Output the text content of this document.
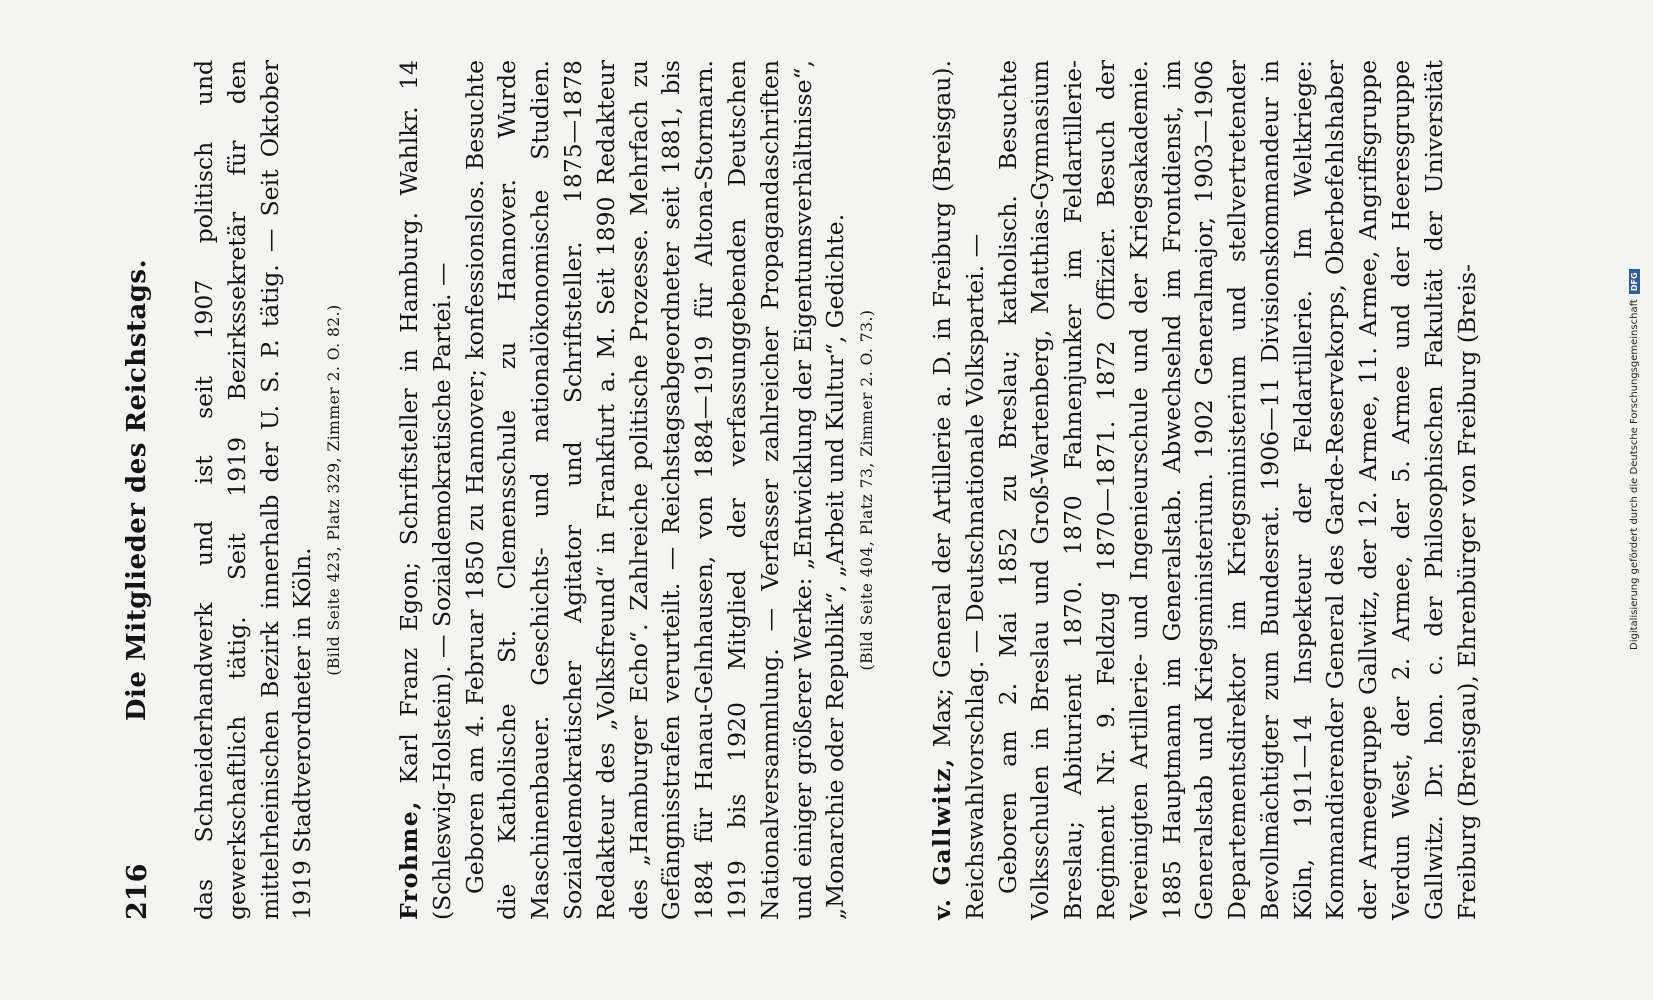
216
Die Mitglieder des Reichstags. das Schneiderhandwerk und ist seit 1907 politisch und gewerkschaftlich tätig. Seit 1919 Bezirkssekretär für den mittelrheinischen Bezirk innerhalb der U. S. P. tätig. — Seit Oktober 1919 Stadtverordneter in Köln.

(Bild Seite 423, Platz 329, Zimmer 2. O. 82.)

Frohme, Karl Franz Egon; Schriftsteller in Hamburg. Wahlkr. 14 (Schleswig-Holstein). — Sozialdemokratische Partei. — Geboren am 4. Februar 1850 zu Hannover; konfessionslos. Besuchte die Katholische St. Clemensschule zu Hannover. Wurde Maschinenbauer. Geschichts- und nationalökonomische Studien. Sozialdemokratischer Agitator und Schriftsteller. 1875—1878 Redakteur des „Volksfreund“ in Frankfurt a. M. Seit 1890 Redakteur des „Hamburger Echo“. Zahlreiche politische Prozesse. Mehrfach zu Gefängnisstrafen verurteilt. — Reichstagsabgeordneter seit 1881, bis 1884 für Hanau-Gelnhausen, von 1884—1919 für Altona-Stormarn. 1919 bis 1920 Mitglied der verfassunggebenden Deutschen Nationalversammlung. — Verfasser zahlreicher Propagandaschriften und einiger größerer Werke: „Entwicklung der Eigentumsverhältnisse“, „Monarchie oder Republik“, „Arbeit und Kultur“, Gedichte. (Bild Seite 404, Platz 73, Zimmer 2. O. 73.)

v. Gallwitz, Max; General der Artillerie a. D. in Freiburg (Breisgau). Reichswahlvorschlag. — Deutschnationale Volkspartei. — Geboren am 2. Mai 1852 zu Breslau; katholisch. Besuchte Volksschulen in Breslau und Groß-Wartenberg, Matthias-Gymnasium Breslau; Abiturient 1870. 1870 Fahnenjunker im Feldartillerie-Regiment Nr. 9. Feldzug 1870—1871. 1872 Offizier. Besuch der Vereinigten Artillerie- und Ingenieurschule und der Kriegsakademie. 1885 Hauptmann im Generalstab. Abwechselnd im Frontdienst, im Generalstab und Kriegsministerium. 1902 Generalmajor, 1903—1906 Departementsdirektor im Kriegsministerium und stellvertretender Bevollmächtigter zum Bundesrat. 1906—11 Divisionskommandeur in Köln, 1911—14 Inspekteur der Feldartillerie. Im Weltkriege: Kommandierender General des Garde-Reservekorps, Oberbefehlshaber der Armeegruppe Gallwitz, der 12. Armee, 11. Armee, Angriffsgruppe Verdun West, der 2. Armee, der 5. Armee und der Heeresgruppe Gallwitz. Dr. hon. c. der Philosophischen Fakultät der Universität Freiburg (Breisgau), Ehrenbürger von Freiburg (Breis-	Digitalisierung gefördert durch die Deutsche ForschungsgemeinschaftDFG
